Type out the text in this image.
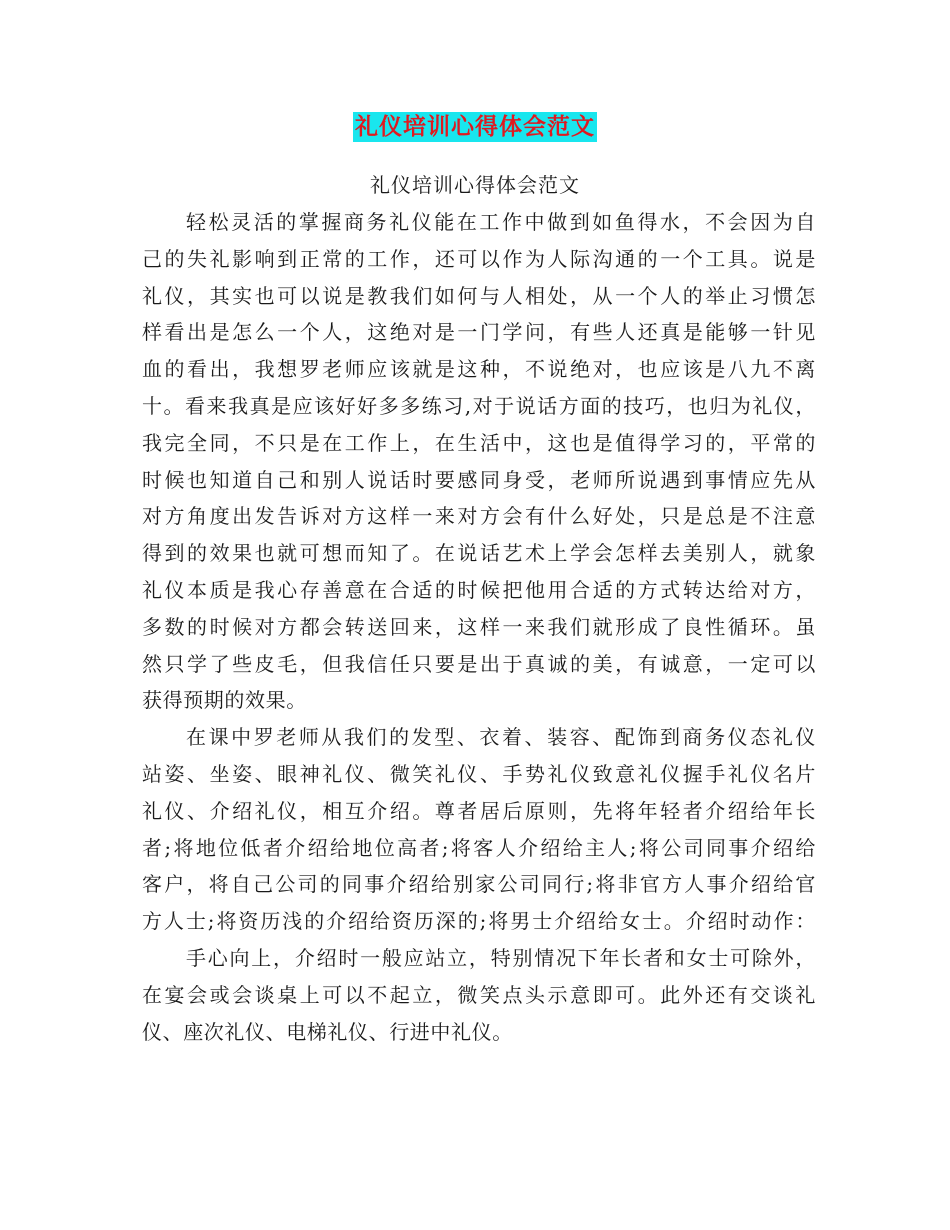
礼仪培训心得体会范文
礼仪培训心得体会范文
轻松灵活的掌握商务礼仪能在工作中做到如鱼得水，不会因为自
己的失礼影响到正常的工作，还可以作为人际沟通的一个工具。说是
礼仪，其实也可以说是教我们如何与人相处，从一个人的举止习惯怎
样看出是怎么一个人，这绝对是一门学问，有些人还真是能够一针见
血的看出，我想罗老师应该就是这种，不说绝对，也应该是八九不离
十。看来我真是应该好好多多练习,对于说话方面的技巧，也归为礼仪，
我完全同，不只是在工作上，在生活中，这也是值得学习的，平常的
时候也知道自己和别人说话时要感同身受，老师所说遇到事情应先从
对方角度出发告诉对方这样一来对方会有什么好处，只是总是不注意
得到的效果也就可想而知了。在说话艺术上学会怎样去美别人，就象
礼仪本质是我心存善意在合适的时候把他用合适的方式转达给对方，
多数的时候对方都会转送回来，这样一来我们就形成了良性循环。虽
然只学了些皮毛，但我信任只要是出于真诚的美，有诚意，一定可以
获得预期的效果。
在课中罗老师从我们的发型、衣着、装容、配饰到商务仪态礼仪
站姿、坐姿、眼神礼仪、微笑礼仪、手势礼仪致意礼仪握手礼仪名片
礼仪、介绍礼仪，相互介绍。尊者居后原则，先将年轻者介绍给年长
者;将地位低者介绍给地位高者;将客人介绍给主人;将公司同事介绍给
客户，将自己公司的同事介绍给别家公司同行;将非官方人事介绍给官
方人士;将资历浅的介绍给资历深的;将男士介绍给女士。介绍时动作：
手心向上，介绍时一般应站立，特别情况下年长者和女士可除外，
在宴会或会谈桌上可以不起立，微笑点头示意即可。此外还有交谈礼
仪、座次礼仪、电梯礼仪、行进中礼仪。
